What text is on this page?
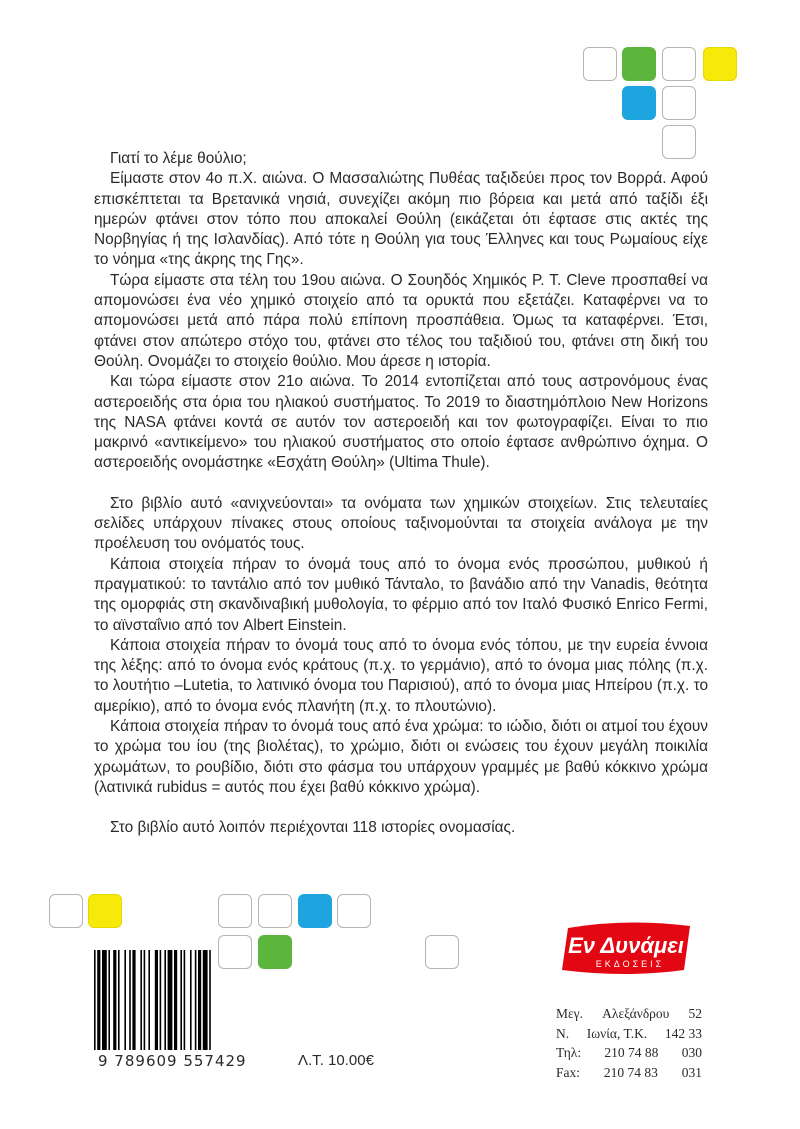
Γιατί το λέμε θούλιο;

Είμαστε στον 4ο π.Χ. αιώνα. Ο Μασσαλιώτης Πυθέας ταξιδεύει προς τον Βορρά. Αφού επισκέπτεται τα Βρετανικά νησιά, συνεχίζει ακόμη πιο βόρεια και μετά από ταξίδι έξι ημερών φτάνει στον τόπο που αποκαλεί Θούλη (εικάζεται ότι έφτασε στις ακτές της Νορβηγίας ή της Ισλανδίας). Από τότε η Θούλη για τους Έλληνες και τους Ρωμαίους είχε το νόημα «της άκρης της Γης».

Τώρα είμαστε στα τέλη του 19ου αιώνα. Ο Σουηδός Χημικός P. T. Cleve προσπαθεί να απομονώσει ένα νέο χημικό στοιχείο από τα ορυκτά που εξετάζει. Καταφέρνει να το απομονώσει μετά από πάρα πολύ επίπονη προσπάθεια. Όμως τα καταφέρνει. Έτσι, φτάνει στον απώτερο στόχο του, φτάνει στο τέλος του ταξιδιού του, φτάνει στη δική του Θούλη. Ονομάζει το στοιχείο θούλιο. Μου άρεσε η ιστορία.

Και τώρα είμαστε στον 21ο αιώνα. Το 2014 εντοπίζεται από τους αστρονόμους ένας αστεροειδής στα όρια του ηλιακού συστήματος. Το 2019 το διαστημόπλοιο New Horizons της NASA φτάνει κοντά σε αυτόν τον αστεροειδή και τον φωτογραφίζει. Είναι το πιο μακρινό «αντικείμενο» του ηλιακού συστήματος στο οποίο έφτασε ανθρώπινο όχημα. Ο αστεροειδής ονομάστηκε «Εσχάτη Θούλη» (Ultima Thule).

Στο βιβλίο αυτό «ανιχνεύονται» τα ονόματα των χημικών στοιχείων. Στις τελευταίες σελίδες υπάρχουν πίνακες στους οποίους ταξινομούνται τα στοιχεία ανάλογα με την προέλευση του ονόματός τους.

Κάποια στοιχεία πήραν το όνομά τους από το όνομα ενός προσώπου, μυθικού ή πραγματικού: το ταντάλιο από τον μυθικό Τάνταλο, το βανάδιο από την Vanadis, θεότητα της ομορφιάς στη σκανδιναβική μυθολογία, το φέρμιο από τον Ιταλό Φυσικό Enrico Fermi, το αϊνσταΐνιο από τον Albert Einstein.

Κάποια στοιχεία πήραν το όνομά τους από το όνομα ενός τόπου, με την ευρεία έννοια της λέξης: από το όνομα ενός κράτους (π.χ. το γερμάνιο), από το όνομα μιας πόλης (π.χ. το λουτήτιο –Lutetia, το λατινικό όνομα του Παρισιού), από το όνομα μιας Ηπείρου (π.χ. το αμερίκιο), από το όνομα ενός πλανήτη (π.χ. το πλουτώνιο).

Κάποια στοιχεία πήραν το όνομά τους από ένα χρώμα: το ιώδιο, διότι οι ατμοί του έχουν το χρώμα του ίου (της βιολέτας), το χρώμιο, διότι οι ενώσεις του έχουν μεγάλη ποικιλία χρωμάτων, το ρουβίδιο, διότι στο φάσμα του υπάρχουν γραμμές με βαθύ κόκκινο χρώμα (λατινικά rubidus = αυτός που έχει βαθύ κόκκινο χρώμα).

Στο βιβλίο αυτό λοιπόν περιέχονται 118 ιστορίες ονομασίας.

9 789609 557429	Λ.Τ. 10.00€
Εν Δυνάμει
ΕΚΔΟΣΕΙΣ
Μεγ. Αλεξάνδρου 52
Ν. Ιωνία, Τ.Κ. 142 33
Τηλ: 210 74 88 030
Fax: 210 74 83 031
